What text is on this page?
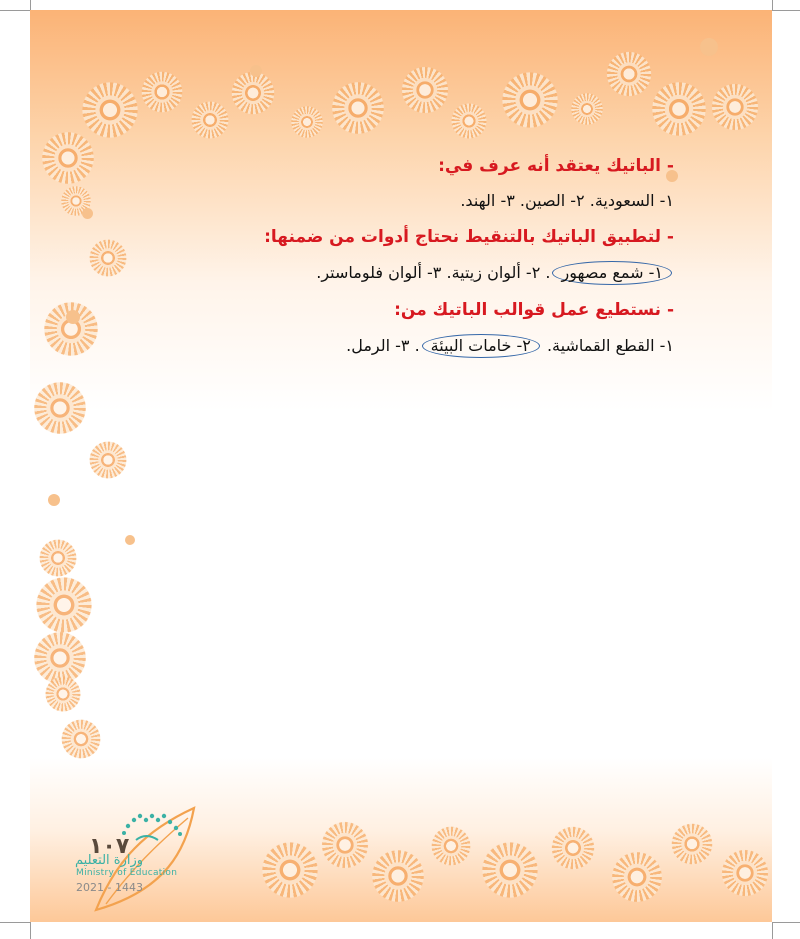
- الباتيك يعتقد أنه عرف في:
١- السعودية. ٢- الصين. ٣- الهند.
- لتطبيق الباتيك بالتنقيط نحتاج أدوات من ضمنها:
١- شمع مصهور. ٢- ألوان زيتية. ٣- ألوان فلوماستر.
- نستطيع عمل قوالب الباتيك من:
١- القطع القماشية. ٢- خامات البيئة. ٣- الرمل.
١٠٧
وزارة التعليم
Ministry of Education
2021 - 1443
